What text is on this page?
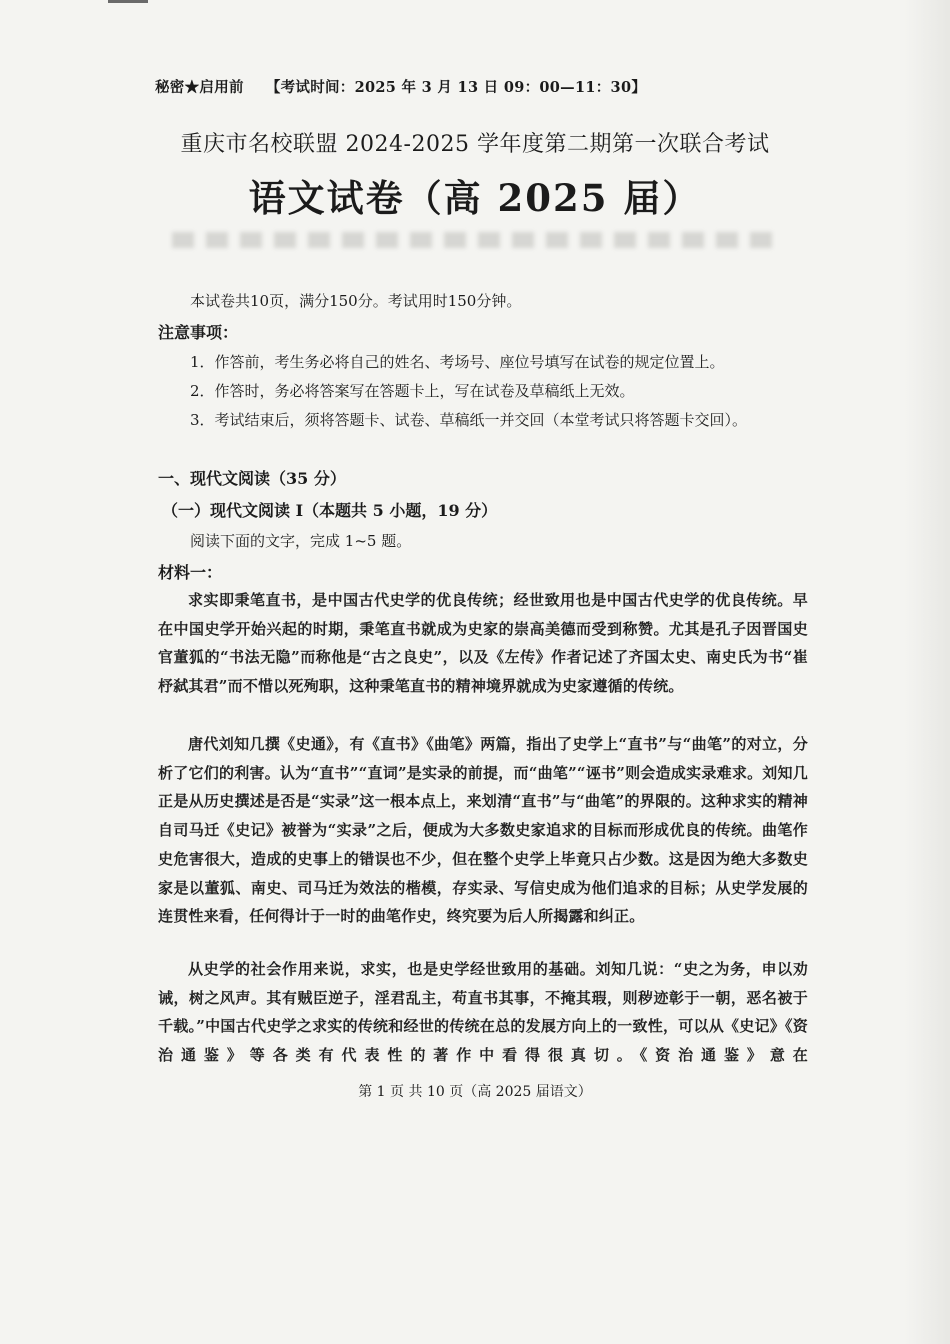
秘密★启用前 【考试时间：2025 年 3 月 13 日 09：00—11：30】
重庆市名校联盟 2024-2025 学年度第二期第一次联合考试
语文试卷（高 2025 届）
本试卷共10页，满分150分。考试用时150分钟。
注意事项：
1．作答前，考生务必将自己的姓名、考场号、座位号填写在试卷的规定位置上。
2．作答时，务必将答案写在答题卡上，写在试卷及草稿纸上无效。
3．考试结束后，须将答题卡、试卷、草稿纸一并交回（本堂考试只将答题卡交回）。
一、现代文阅读（35 分）
（一）现代文阅读 I（本题共 5 小题，19 分）
阅读下面的文字，完成 1~5 题。
材料一：
求实即秉笔直书，是中国古代史学的优良传统；经世致用也是中国古代史学的优良传统。早在中国史学开始兴起的时期，秉笔直书就成为史家的崇高美德而受到称赞。尤其是孔子因晋国史官董狐的“书法无隐”而称他是“古之良史”，以及《左传》作者记述了齐国太史、南史氏为书“崔杼弑其君”而不惜以死殉职，这种秉笔直书的精神境界就成为史家遵循的传统。
唐代刘知几撰《史通》，有《直书》《曲笔》两篇，指出了史学上“直书”与“曲笔”的对立，分析了它们的利害。认为“直书”“直词”是实录的前提，而“曲笔”“诬书”则会造成实录难求。刘知几正是从历史撰述是否是“实录”这一根本点上，来划清“直书”与“曲笔”的界限的。这种求实的精神自司马迁《史记》被誉为“实录”之后，便成为大多数史家追求的目标而形成优良的传统。曲笔作史危害很大，造成的史事上的错误也不少，但在整个史学上毕竟只占少数。这是因为绝大多数史家是以董狐、南史、司马迁为效法的楷模，存实录、写信史成为他们追求的目标；从史学发展的连贯性来看，任何得计于一时的曲笔作史，终究要为后人所揭露和纠正。
从史学的社会作用来说，求实，也是史学经世致用的基础。刘知几说：“史之为务，申以劝诫，树之风声。其有贼臣逆子，淫君乱主，苟直书其事，不掩其瑕，则秽迹彰于一朝，恶名被于千载。”中国古代史学之求实的传统和经世的传统在总的发展方向上的一致性，可以从《史记》《资治通鉴》等各类有代表性的著作中看得很真切。《资治通鉴》意在
第 1 页 共 10 页（高 2025 届语文）
